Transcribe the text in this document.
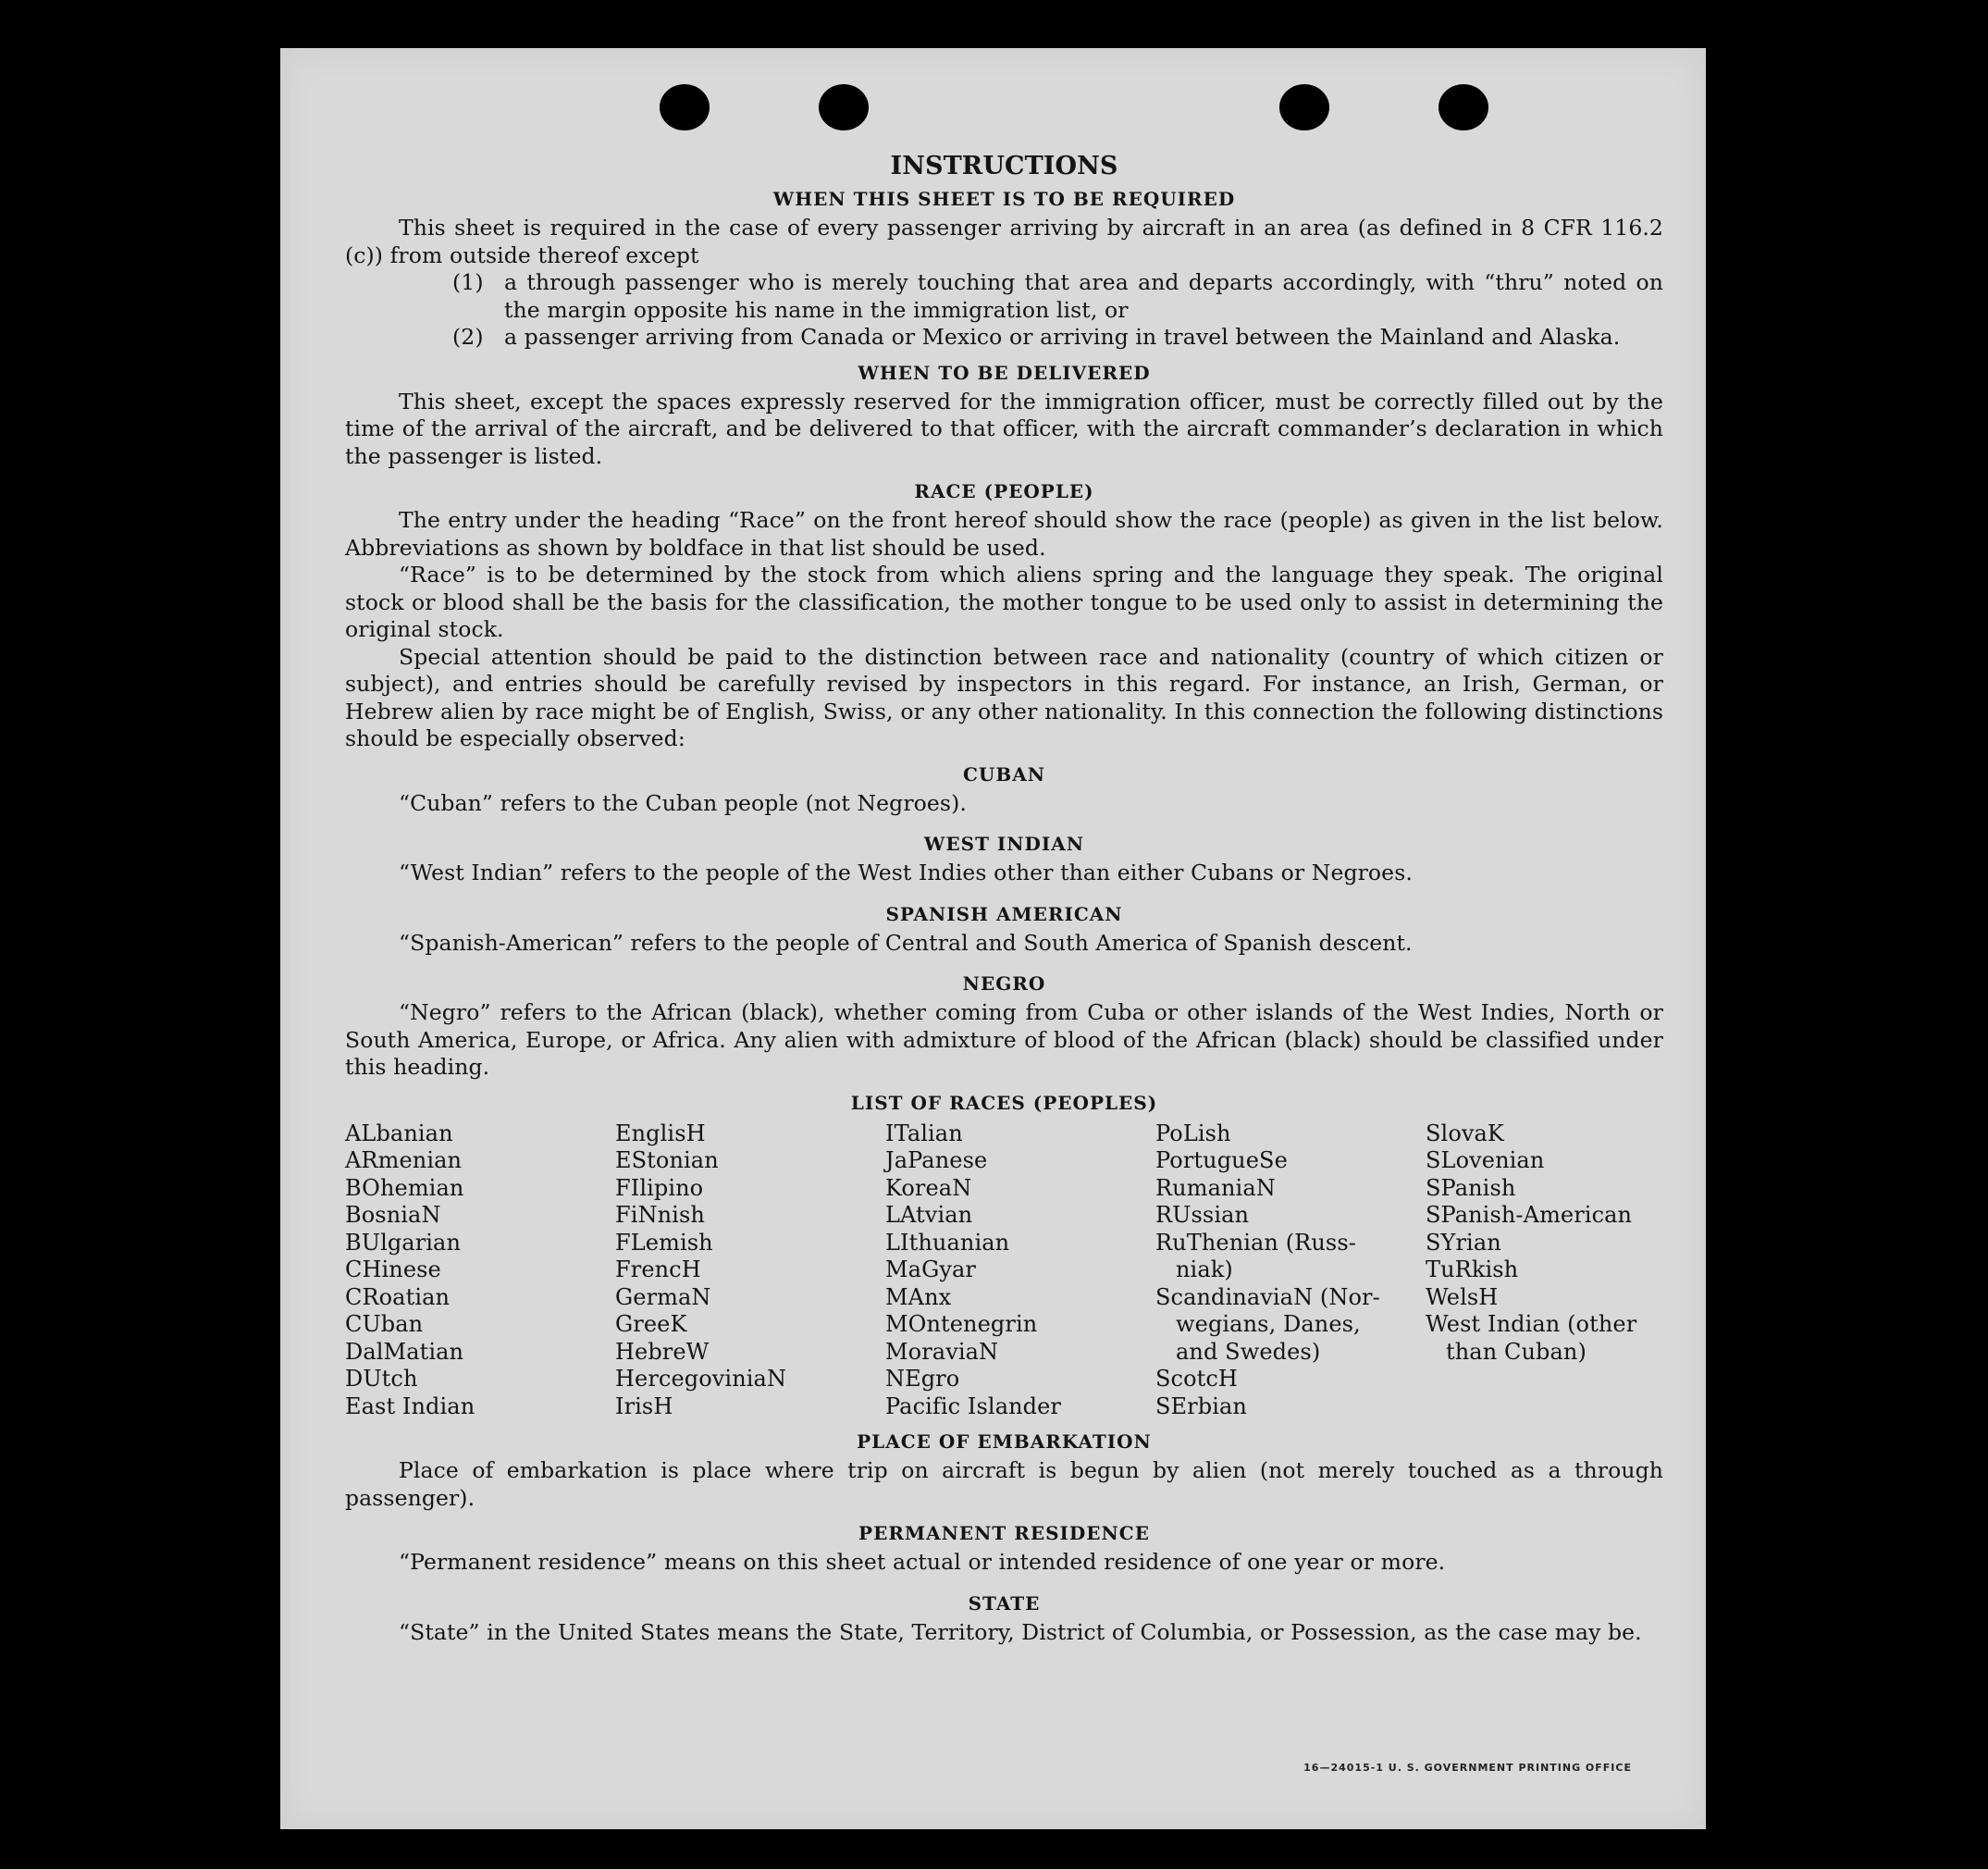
INSTRUCTIONS
WHEN THIS SHEET IS TO BE REQUIRED

This sheet is required in the case of every passenger arriving by aircraft in an area (as defined in 8 CFR 116.2 (c)) from outside thereof except

(1) a through passenger who is merely touching that area and departs accordingly, with “thru” noted on the margin opposite his name in the immigration list, or
(2) a passenger arriving from Canada or Mexico or arriving in travel between the Mainland and Alaska.
WHEN TO BE DELIVERED

This sheet, except the spaces expressly reserved for the immigration officer, must be correctly filled out by the time of the arrival of the aircraft, and be delivered to that officer, with the aircraft commander’s declaration in which the passenger is listed.

RACE (PEOPLE)

The entry under the heading “Race” on the front hereof should show the race (people) as given in the list below. Abbreviations as shown by boldface in that list should be used.

“Race” is to be determined by the stock from which aliens spring and the language they speak. The original stock or blood shall be the basis for the classification, the mother tongue to be used only to assist in determining the original stock.

Special attention should be paid to the distinction between race and nationality (country of which citizen or subject), and entries should be carefully revised by inspectors in this regard. For instance, an Irish, German, or Hebrew alien by race might be of English, Swiss, or any other nationality. In this connection the following distinctions should be especially observed:

CUBAN

“Cuban” refers to the Cuban people (not Negroes).

WEST INDIAN

“West Indian” refers to the people of the West Indies other than either Cubans or Negroes.

SPANISH AMERICAN

“Spanish-American” refers to the people of Central and South America of Spanish descent.

NEGRO

“Negro” refers to the African (black), whether coming from Cuba or other islands of the West Indies, North or South America, Europe, or Africa. Any alien with admixture of blood of the African (black) should be classified under this heading.

LIST OF RACES (PEOPLES)
ALbanian
ARmenian
BOhemian
BosniaN
BUlgarian
CHinese
CRoatian
CUban
DalMatian
DUtch
East Indian
EnglisH
EStonian
FIlipino
FiNnish
FLemish
FrencH
GermaN
GreeK
HebreW
HercegoviniaN
IrisH
ITalian
JaPanese
KoreaN
LAtvian
LIthuanian
MaGyar
MAnx
MOntenegrin
MoraviaN
NEgro
Pacific Islander
PoLish
PortugueSe
RumaniaN
RUssian
RuThenian (Russ-
niak)
ScandinaviaN (Nor-
wegians, Danes,
and Swedes)
ScotcH
SErbian
SlovaK
SLovenian
SPanish
SPanish-American
SYrian
TuRkish
WelsH
West Indian (other
than Cuban)
PLACE OF EMBARKATION

Place of embarkation is place where trip on aircraft is begun by alien (not merely touched as a through passenger).

PERMANENT RESIDENCE

“Permanent residence” means on this sheet actual or intended residence of one year or more.

STATE

“State” in the United States means the State, Territory, District of Columbia, or Possession, as the case may be.

16—24015-1 U. S. GOVERNMENT PRINTING OFFICE
